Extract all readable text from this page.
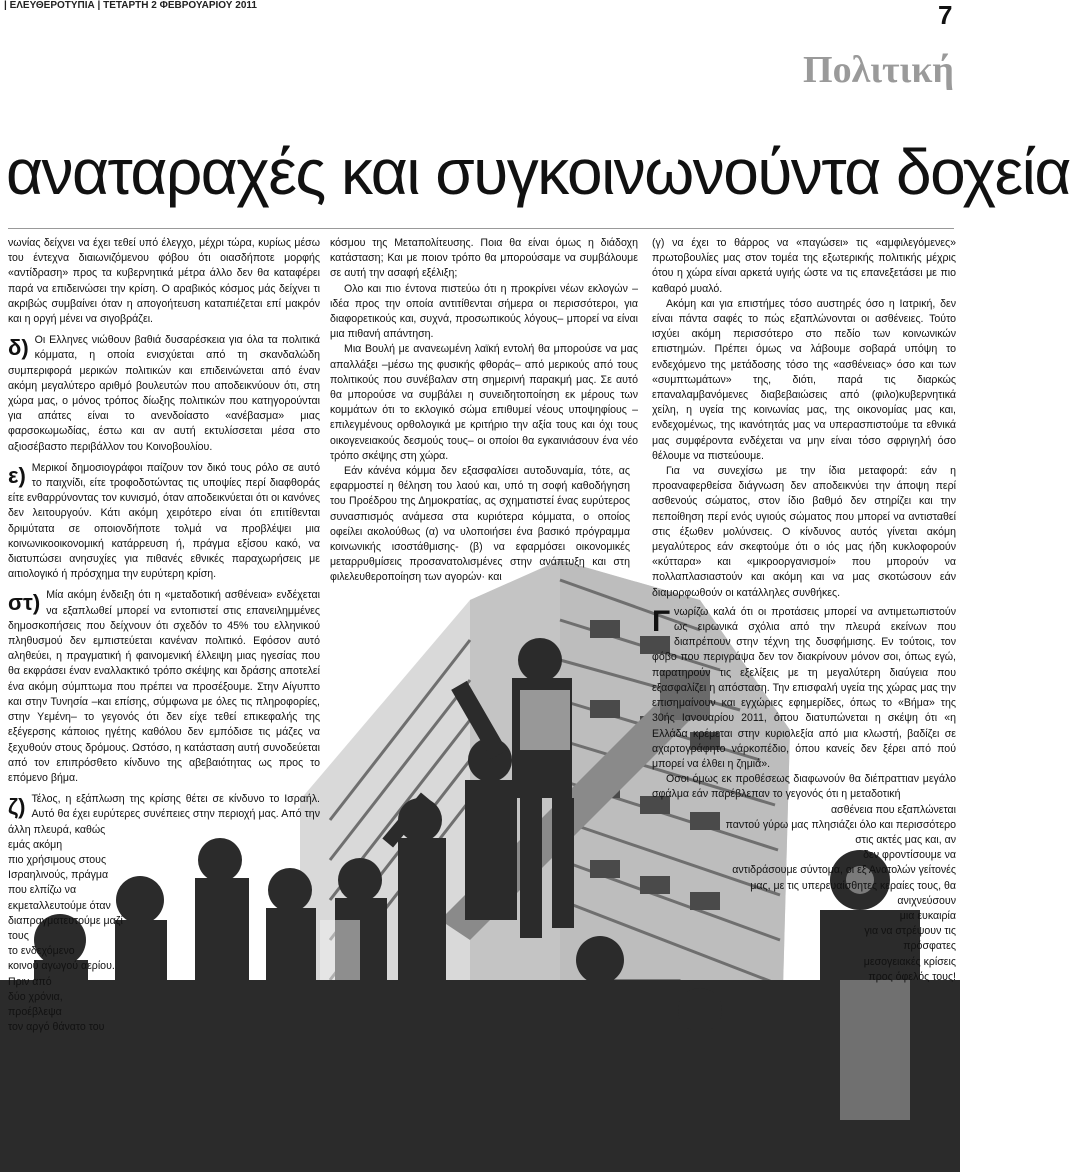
| ΕΛΕΥΘΕΡΟΤΥΠΙΑ | ΤΕΤΑΡΤΗ 2 ΦΕΒΡΟΥΑΡΙΟΥ 2011	7
Πολιτική
αναταραχές και συγκοινωνούντα δοχεία

νωνίας δείχνει να έχει τεθεί υπό έλεγχο, μέχρι τώρα, κυρίως μέσω του έντεχνα διαιωνιζόμενου φόβου ότι οιασδήποτε μορφής «αντίδραση» προς τα κυβερνητικά μέτρα άλλο δεν θα καταφέρει παρά να επιδεινώσει την κρίση. Ο αραβικός κόσμος μάς δείχνει τι ακριβώς συμβαίνει όταν η απογοήτευση καταπιέζεται επί μακρόν και η οργή μένει να σιγοβράζει.

δ) Οι Ελληνες νιώθουν βαθιά δυσαρέσκεια για όλα τα πολιτικά κόμματα, η οποία ενισχύεται από τη σκανδαλώδη συμπεριφορά μερικών πολιτικών και επιδεινώνεται από έναν ακόμη μεγαλύτερο αριθμό βουλευτών που αποδεικνύουν ότι, στη χώρα μας, ο μόνος τρόπος δίωξης πολιτικών που κατηγορούνται για απάτες είναι το ανενδοίαστο «ανέβασμα» μιας φαρσοκωμωδίας, έστω και αν αυτή εκτυλίσσεται μέσα στο αξιοσέβαστο περιβάλλον του Κοινοβουλίου.
ε) Μερικοί δημοσιογράφοι παίζουν τον δικό τους ρόλο σε αυτό το παιχνίδι, είτε τροφοδοτώντας τις υποψίες περί διαφθοράς είτε ενθαρρύνοντας τον κυνισμό, όταν αποδεικνύεται ότι οι κανόνες δεν λειτουργούν. Κάτι ακόμη χειρότερο είναι ότι επιτίθενται δριμύτατα σε οποιονδήποτε τολμά να προβλέψει μια κοινωνικοοικονομική κατάρρευση ή, πράγμα εξίσου κακό, να διατυπώσει ανησυχίες για πιθανές εθνικές παραχωρήσεις με αιτιολογικό ή πρόσχημα την ευρύτερη κρίση.
στ) Μία ακόμη ένδειξη ότι η «μεταδοτική ασθένεια» ενδέχεται να εξαπλωθεί μπορεί να εντοπιστεί στις επανειλημμένες δημοσκοπήσεις που δείχνουν ότι σχεδόν το 45% του ελληνικού πληθυσμού δεν εμπιστεύεται κανέναν πολιτικό. Εφόσον αυτό αληθεύει, η πραγματική ή φαινομενική έλλειψη μιας ηγεσίας που θα εκφράσει έναν εναλλακτικό τρόπο σκέψης και δράσης αποτελεί ένα ακόμη σύμπτωμα που πρέπει να προσέξουμε. Στην Αίγυπτο και στην Τυνησία –και επίσης, σύμφωνα με όλες τις πληροφορίες, στην Υεμένη– το γεγονός ότι δεν είχε τεθεί επικεφαλής της εξέγερσης κάποιος ηγέτης καθόλου δεν εμπόδισε τις μάζες να ξεχυθούν στους δρόμους. Ωστόσο, η κατάσταση αυτή συνοδεύεται από τον επιπρόσθετο κίνδυνο της αβεβαιότητας ως προς το επόμενο βήμα.
ζ) Τέλος, η εξάπλωση της κρίσης θέτει σε κίνδυνο το Ισραήλ. Αυτό θα έχει ευρύτερες συνέπειες στην περιοχή μας. Από την άλλη πλευρά, καθώς
εμάς ακόμη
πιο χρήσιμους στους
Ισραηλινούς, πράγμα
που ελπίζω να εκμεταλλευτούμε όταν
διαπραγματευτούμε μαζί τους
το ενδεχόμενο
κοινού αγωγού αερίου.
Πριν από
δύο χρόνια,
προέβλεψα
τον αργό θάνατο του

κόσμου της Μεταπολίτευσης. Ποια θα είναι όμως η διάδοχη κατάσταση; Και με ποιον τρόπο θα μπορούσαμε να συμβάλουμε σε αυτή την ασαφή εξέλιξη;

Ολο και πιο έντονα πιστεύω ότι η προκρίνει νέων εκλογών –ιδέα προς την οποία αντιτίθενται σήμερα οι περισσότεροι, για διαφορετικούς και, συχνά, προσωπικούς λόγους– μπορεί να είναι μια πιθανή απάντηση.

Μια Βουλή με ανανεωμένη λαϊκή εντολή θα μπορούσε να μας απαλλάξει –μέσω της φυσικής φθοράς– από μερικούς από τους πολιτικούς που συνέβαλαν στη σημερινή παρακμή μας. Σε αυτό θα μπορούσε να συμβάλει η συνειδητοποίηση εκ μέρους των κομμάτων ότι το εκλογικό σώμα επιθυμεί νέους υποψηφίους –επιλεγμένους ορθολογικά με κριτήριο την αξία τους και όχι τους οικογενειακούς δεσμούς τους– οι οποίοι θα εγκαινιάσουν ένα νέο τρόπο σκέψης στη χώρα.

Εάν κάνένα κόμμα δεν εξασφαλίσει αυτοδυναμία, τότε, ας εφαρμοστεί η θέληση του λαού και, υπό τη σοφή καθοδήγηση του Προέδρου της Δημοκρατίας, ας σχηματιστεί ένας ευρύτερος συνασπισμός ανάμεσα στα κυριότερα κόμματα, ο οποίος οφείλει ακολούθως (α) να υλοποιήσει ένα βασικό πρόγραμμα κοινωνικής ισοστάθμισης- (β) να εφαρμόσει οικονομικές μεταρρυθμίσεις προσανατολισμένες στην ανάπτυξη και στη φιλελευθεροποίηση των αγορών· και

(γ) να έχει το θάρρος να «παγώσει» τις «αμφιλεγόμενες» πρωτοβουλίες μας στον τομέα της εξωτερικής πολιτικής μέχρις ότου η χώρα είναι αρκετά υγιής ώστε να τις επανεξετάσει με πιο καθαρό μυαλό.

Ακόμη και για επιστήμες τόσο αυστηρές όσο η Ιατρική, δεν είναι πάντα σαφές το πώς εξαπλώνονται οι ασθένειες. Τούτο ισχύει ακόμη περισσότερο στο πεδίο των κοινωνικών επιστημών. Πρέπει όμως να λάβουμε σοβαρά υπόψη το ενδεχόμενο της μετάδοσης τόσο της «ασθένειας» όσο και των «συμπτωμάτων» της, διότι, παρά τις διαρκώς επαναλαμβανόμενες διαβεβαιώσεις από (φιλο)κυβερνητικά χείλη, η υγεία της κοινωνίας μας, της οικονομίας μας και, ενδεχομένως, της ικανότητάς μας να υπερασπιστούμε τα εθνικά μας συμφέροντα ενδέχεται να μην είναι τόσο σφριγηλή όσο θέλουμε να πιστεύουμε.

Για να συνεχίσω με την ίδια μεταφορά: εάν η προαναφερθείσα διάγνωση δεν αποδεικνύει την άποψη περί ασθενούς σώματος, στον ίδιο βαθμό δεν στηρίζει και την πεποίθηση περί ενός υγιούς σώματος που μπορεί να αντισταθεί στις έξωθεν μολύνσεις. Ο κίνδυνος αυτός γίνεται ακόμη μεγαλύτερος εάν σκεφτούμε ότι ο ιός μας ήδη κυκλοφορούν «κύτταρα» και «μικροοργανισμοί» που μπορούν να πολλαπλασιαστούν και ακόμη και να μας σκοτώσουν εάν διαμορφωθούν οι κατάλληλες συνθήκες.

Γ νωρίζω καλά ότι οι προτάσεις μπορεί να αντιμετωπιστούν ως ειρωνικά σχόλια από την πλευρά εκείνων που διαπρέπουν στην τέχνη της δυσφήμισης. Εν τούτοις, τον φόβο που περιγράψα δεν τον διακρίνουν μόνον σοι, όπως εγώ, παρατηρούν τις εξελίξεις με τη μεγαλύτερη διαύγεια που εξασφαλίζει η απόσταση. Την επισφαλή υγεία της χώρας μας την επισημαίνουν και εγχώριες εφημερίδες, όπως το «Βήμα» της 30ής Ιανουαρίου 2011, όπου διατυπώνεται η σκέψη ότι «η Ελλάδα κρέμεται στην κυριολεξία από μια κλωστή, βαδίζει σε αχαρτογράφητο νάρκοπέδιο, όπου κανείς δεν ξέρει από πού μπορεί να έλθει η ζημιά».
Οσοι όμως εκ προθέσεως διαφωνούν θα διέπραττιαν μεγάλο σφάλμα εάν παρέβλεπαν το γεγονός ότι η μεταδοτική
ασθένεια που εξαπλώνεται
παντού γύρω μας πλησιάζει όλο και περισσότερο
στις ακτές μας και, αν
δεν φροντίσουμε να
αντιδράσουμε σύντομα, οι εξ Ανατολών γείτονές
μας, με τις υπερευαίσθητες κεραίες τους, θα
ανιχνεύσουν
μια ευκαιρία
για να στρέψουν τις
πρόσφατες
μεσογειακές κρίσεις
προς όφελός τους!
